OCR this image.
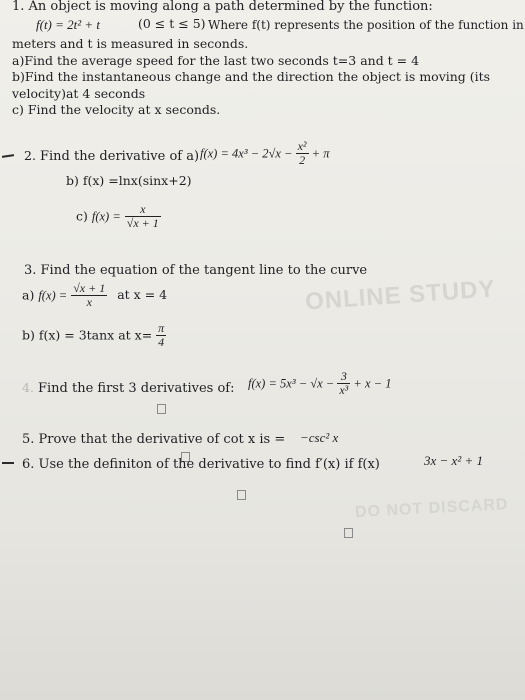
ONLINE STUDY
DO NOT DISCARD
1. An object is moving along a path determined by the function:
f(t) = 2t² + t	(0 ≤ t ≤ 5) Where f(t) represents the position of the function in
meters and t is measured in seconds.
a)Find the average speed for the last two seconds t=3 and t = 4
b)Find the instantaneous change and the direction the object is moving (its
velocity)at 4 seconds
c) Find the velocity at x seconds.
2. Find the derivative of a) $f(x) = 4x^3 - 2√x - \frac{\text{x²}}{2} + \pi$
b) f(x) =lnx(sinx+2)
c) $f(x) = \frac{x}{√x + 1}$
3. Find the equation of the tangent line to the curve
a) $f(x) = \frac{√x + 1}{x}$ at x = 4
b) f(x) = 3tanx at $x= \frac{\pi}{4}$
4. Find the first 3 derivatives of: $f(x) = 5x^3 - √x - \frac{3}{\text{x³}} + x - 1$
5. Prove that the derivative of cot x is = −csc² x
6. Use the definiton of the derivative to find f′(x) if f(x)	3x − x² + 1
